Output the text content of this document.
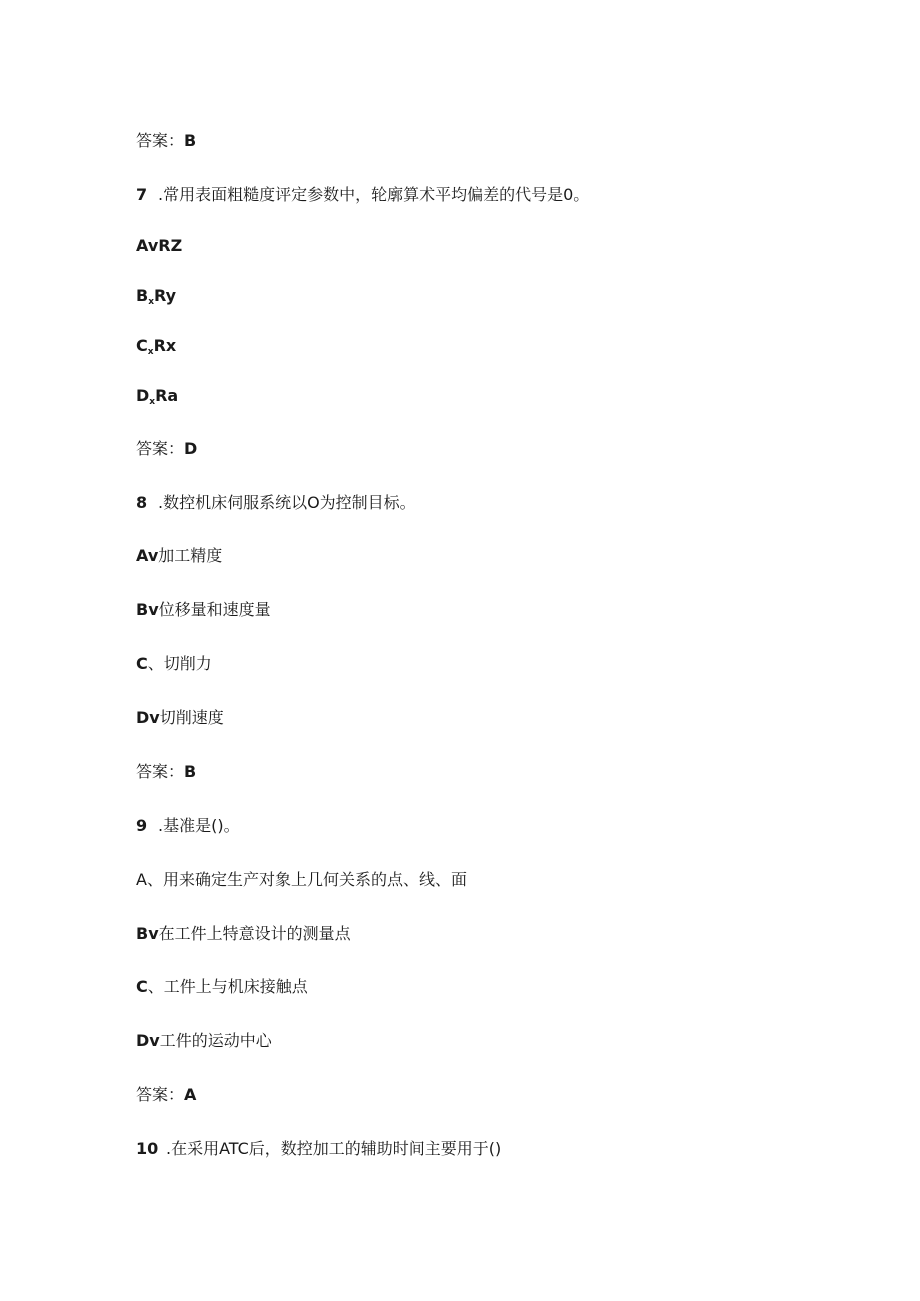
答案：B
7 .常用表面粗糙度评定参数中，轮廓算术平均偏差的代号是0。
AvRZ
$B_xRy$
$C_xRx$
$D_xRa$
答案：D
8 .数控机床伺服系统以O为控制目标。
Av加工精度
Bv位移量和速度量
C、切削力
Dv切削速度
答案：B
9 .基准是()。
A、用来确定生产对象上几何关系的点、线、面
Bv在工件上特意设计的测量点
C、工件上与机床接触点
Dv工件的运动中心
答案：A
10 .在采用ATC后，数控加工的辅助时间主要用于()
